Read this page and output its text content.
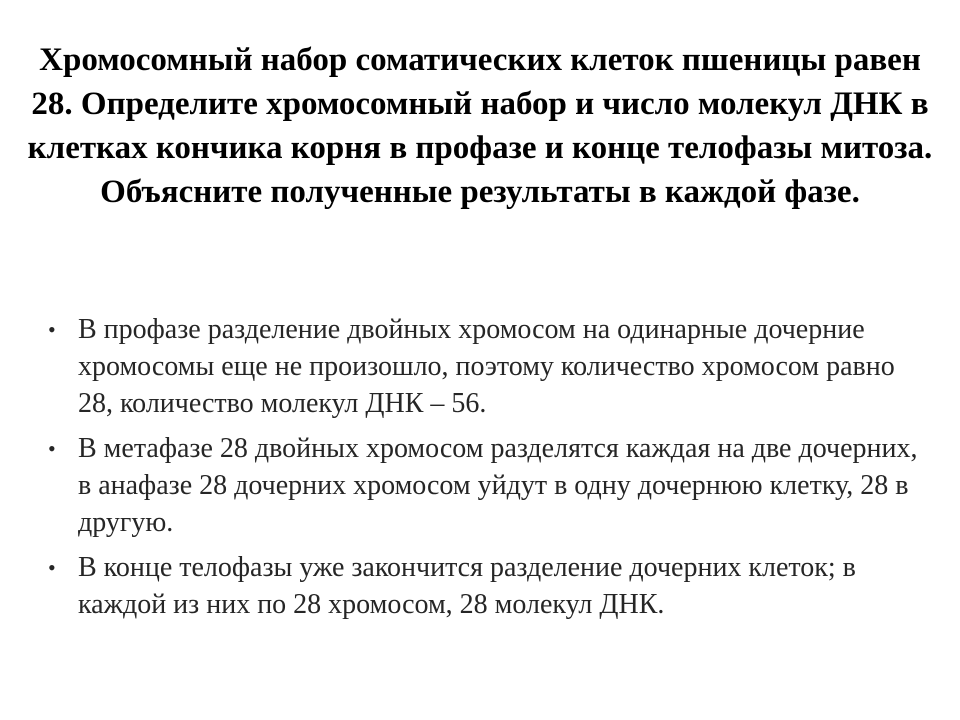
Хромосомный набор соматических клеток пшеницы равен 28. Определите хромосомный набор и число молекул ДНК в клетках кончика корня в профазе и конце телофазы митоза. Объясните полученные результаты в каждой фазе.
• В профазе разделение двойных хромосом на одинарные дочерние хромосомы еще не произошло, поэтому количество хромосом равно 28, количество молекул ДНК – 56.
• В метафазе 28 двойных хромосом разделятся каждая на две дочерних, в анафазе 28 дочерних хромосом уйдут в одну дочернюю клетку, 28 в другую.
• В конце телофазы уже закончится разделение дочерних клеток; в каждой из них по 28 хромосом, 28 молекул ДНК.
